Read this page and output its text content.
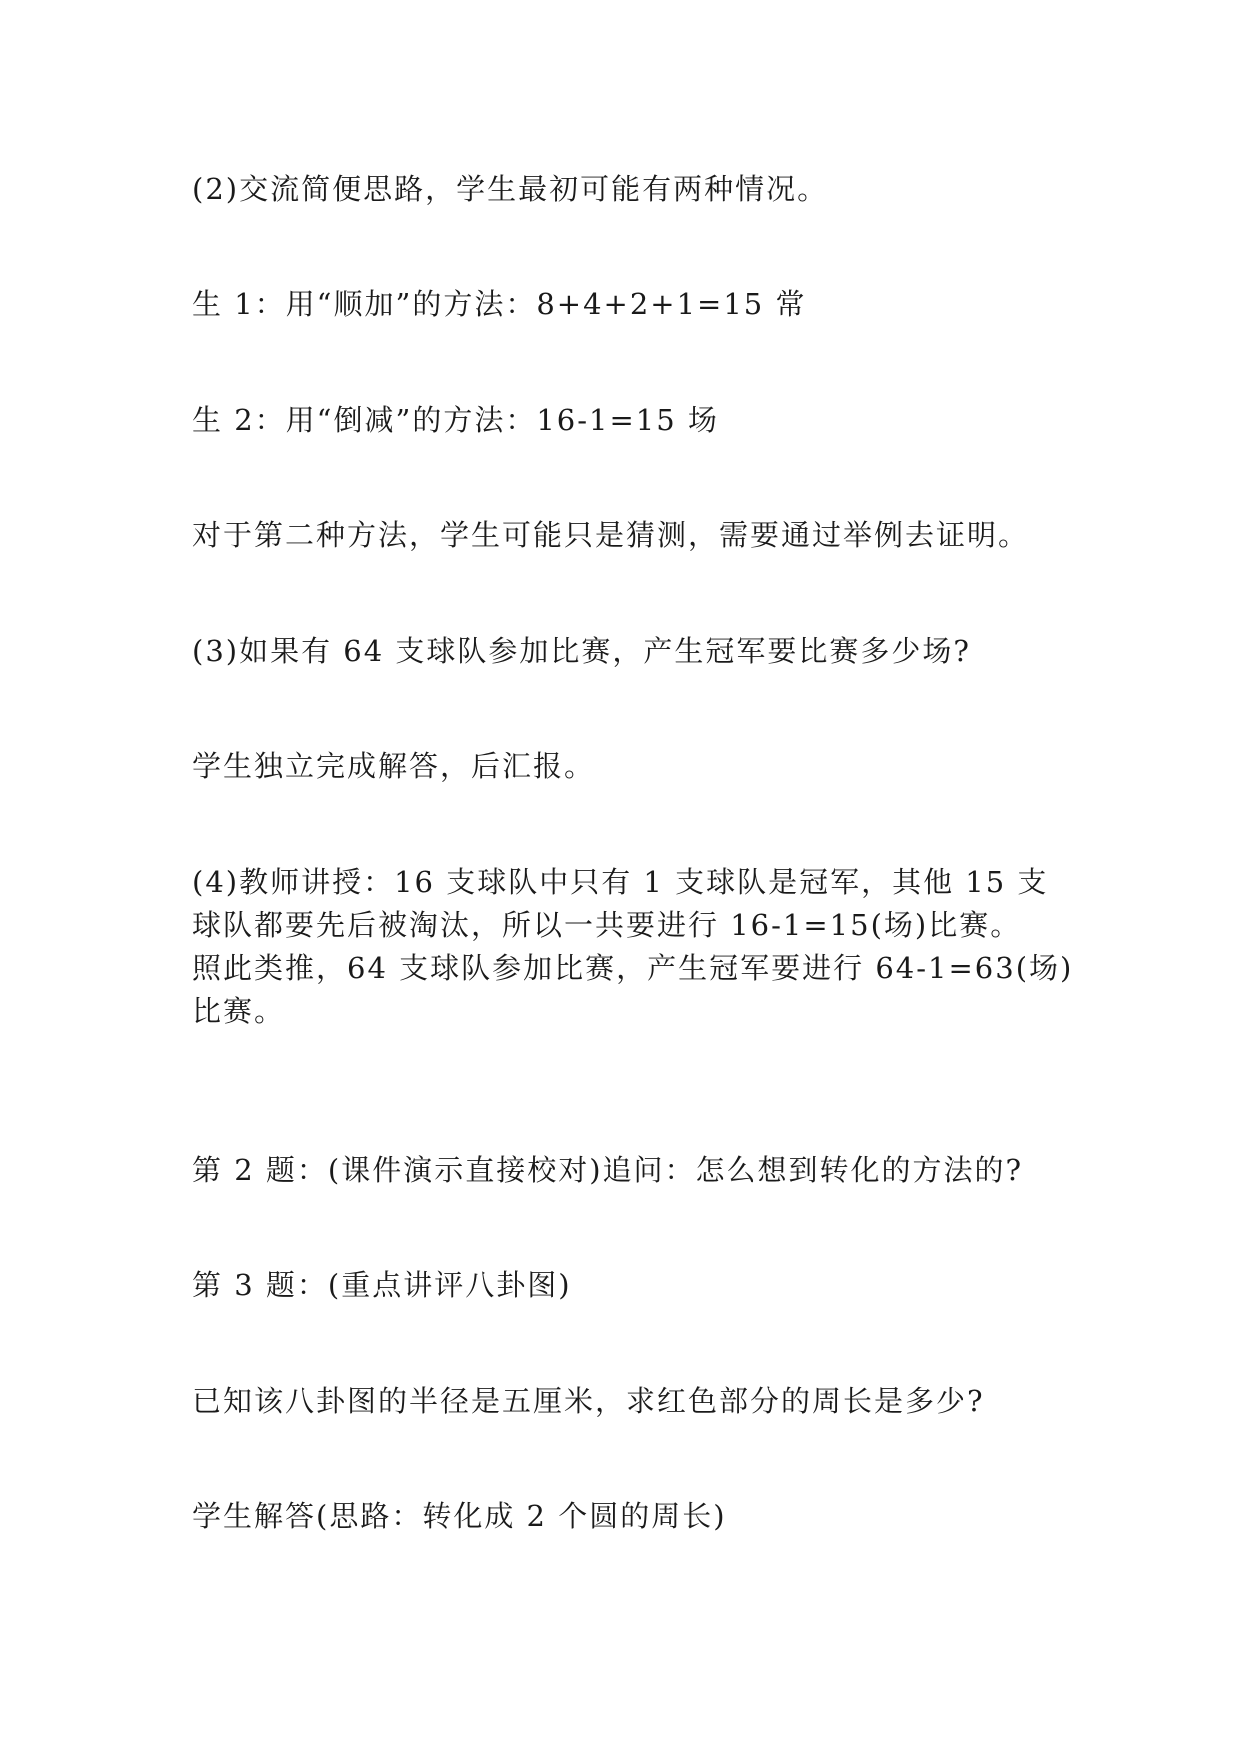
(2)交流简便思路，学生最初可能有两种情况。

生 1：用“顺加”的方法：8+4+2+1=15 常

生 2：用“倒减”的方法：16-1=15 场

对于第二种方法，学生可能只是猜测，需要通过举例去证明。

(3)如果有 64 支球队参加比赛，产生冠军要比赛多少场?

学生独立完成解答，后汇报。

(4)教师讲授：16 支球队中只有 1 支球队是冠军，其他 15 支
球队都要先后被淘汰，所以一共要进行 16-1=15(场)比赛。
照此类推，64 支球队参加比赛，产生冠军要进行 64-1=63(场)
比赛。

第 2 题：(课件演示直接校对)追问：怎么想到转化的方法的?

第 3 题：(重点讲评八卦图)

已知该八卦图的半径是五厘米，求红色部分的周长是多少?

学生解答(思路：转化成 2 个圆的周长)
